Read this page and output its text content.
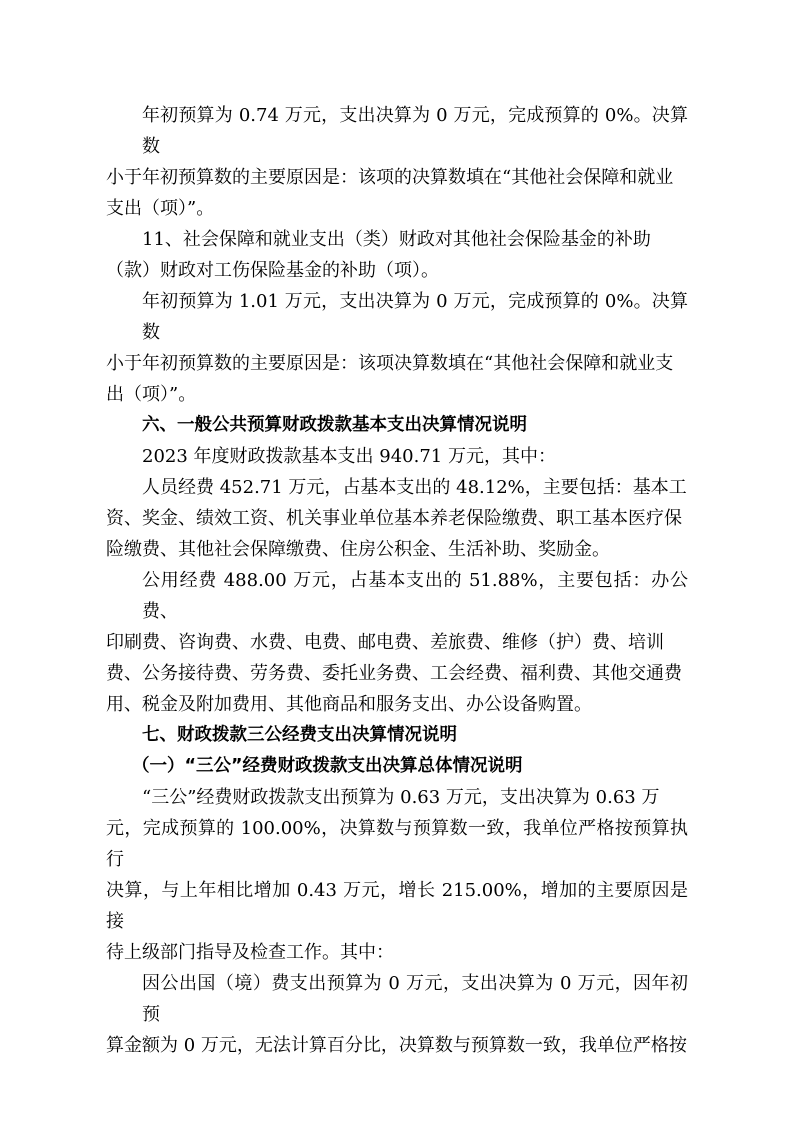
年初预算为 0.74 万元，支出决算为 0 万元，完成预算的 0%。决算数
小于年初预算数的主要原因是：该项的决算数填在“其他社会保障和就业
支出（项）”。

11、社会保障和就业支出（类）财政对其他社会保险基金的补助
（款）财政对工伤保险基金的补助（项）。

年初预算为 1.01 万元，支出决算为 0 万元，完成预算的 0%。决算数
小于年初预算数的主要原因是：该项决算数填在“其他社会保障和就业支
出（项）”。

六、一般公共预算财政拨款基本支出决算情况说明

2023 年度财政拨款基本支出 940.71 万元，其中：

人员经费 452.71 万元，占基本支出的 48.12%，主要包括：基本工
资、奖金、绩效工资、机关事业单位基本养老保险缴费、职工基本医疗保
险缴费、其他社会保障缴费、住房公积金、生活补助、奖励金。

公用经费 488.00 万元，占基本支出的 51.88%，主要包括：办公费、
印刷费、咨询费、水费、电费、邮电费、差旅费、维修（护）费、培训
费、公务接待费、劳务费、委托业务费、工会经费、福利费、其他交通费
用、税金及附加费用、其他商品和服务支出、办公设备购置。

七、财政拨款三公经费支出决算情况说明

（一）“三公”经费财政拨款支出决算总体情况说明

“三公”经费财政拨款支出预算为 0.63 万元，支出决算为 0.63 万
元，完成预算的 100.00%，决算数与预算数一致，我单位严格按预算执行
决算，与上年相比增加 0.43 万元，增长 215.00%，增加的主要原因是接
待上级部门指导及检查工作。其中：

因公出国（境）费支出预算为 0 万元，支出决算为 0 万元，因年初预
算金额为 0 万元，无法计算百分比，决算数与预算数一致，我单位严格按
